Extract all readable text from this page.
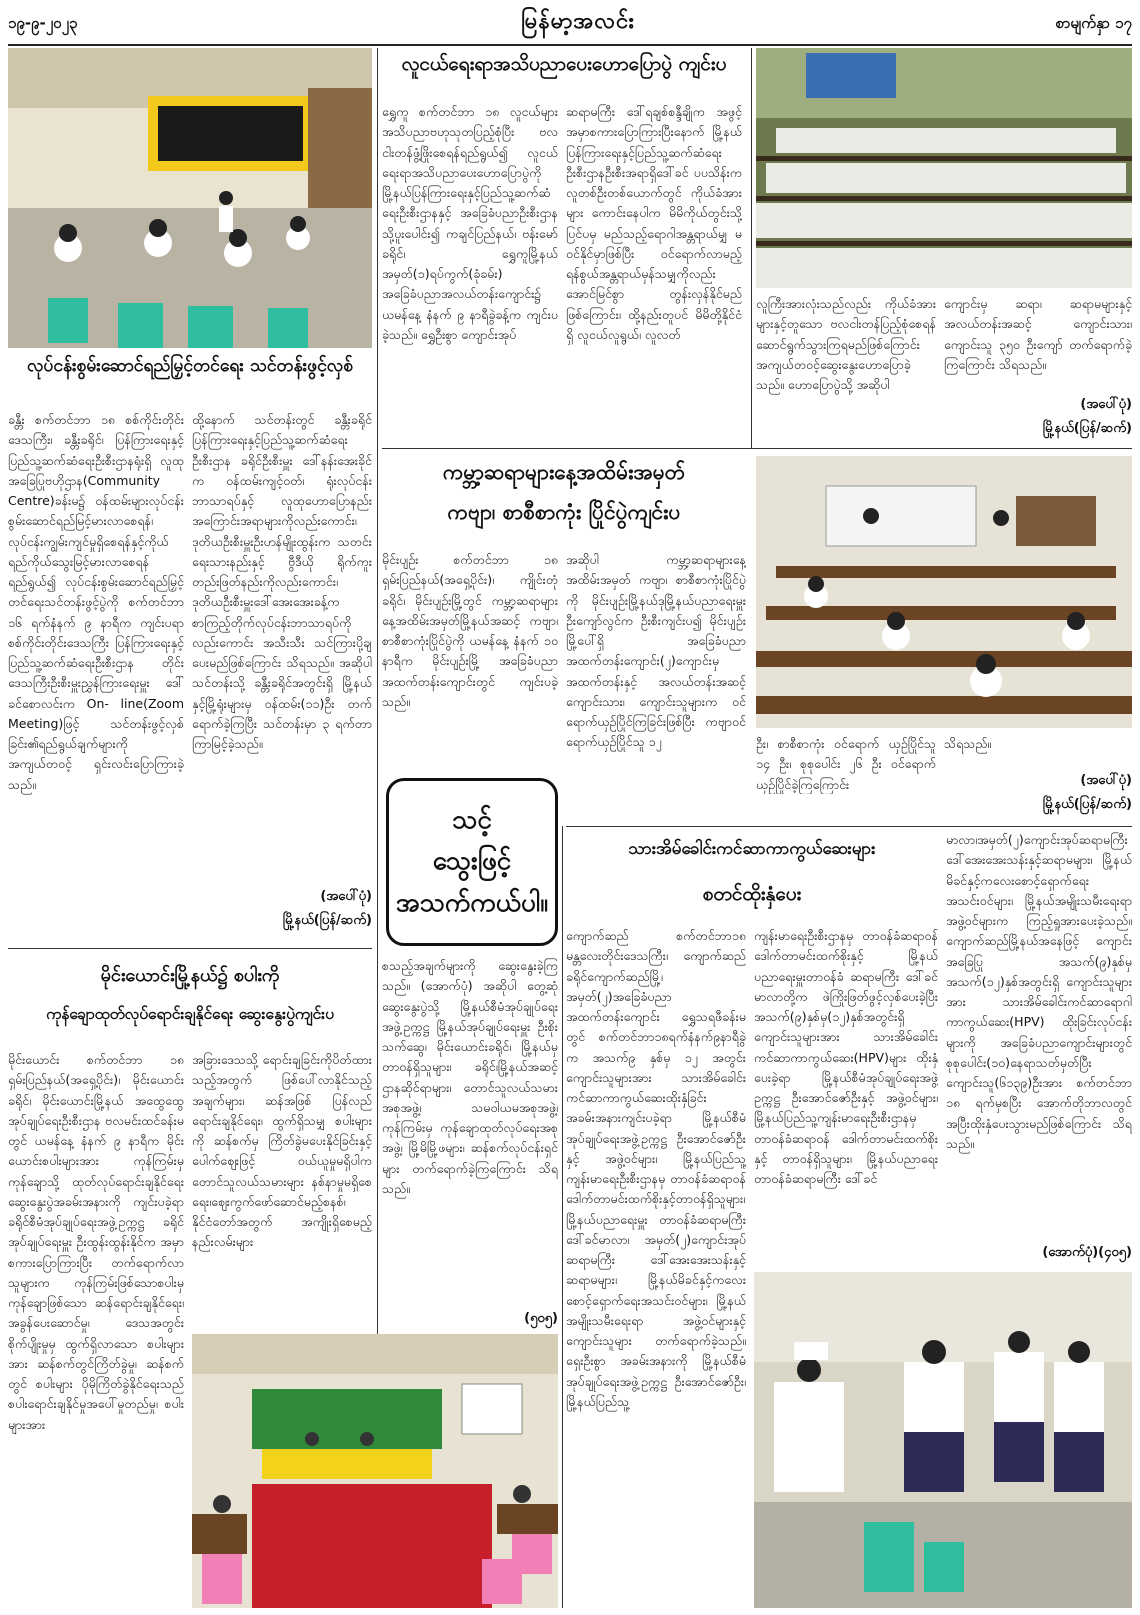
၁၉-၉-၂၀၂၃	မြန်မာ့အလင်း	စာမျက်နှာ ၁၇
လူငယ်ရေးရာအသိပညာပေးဟောပြောပွဲ ကျင်းပ

ရွှေကူ စက်တင်ဘာ ၁၈ လူငယ်များအသိပညာဗဟုသုတပြည့်စုံပြီး ဗလငါးတန်ဖွံ့ဖြိုးစေရန်ရည်ရွယ်၍ လူငယ်ရေးရာအသိပညာပေးဟောပြောပွဲကို မြို့နယ်ပြန်ကြားရေးနှင့်ပြည်သူ့ဆက်ဆံရေးဦးစီးဌာနနှင့် အခြေခံပညာဦးစီးဌာနသို့ပူးပေါင်း၍ ကချင်ပြည်နယ်၊ ဗန်းမော်ခရိုင်၊ ရွှေကူမြို့နယ်အမှတ်(၁)ရပ်ကွက်(ခုံခမ်း) အခြေခံပညာအလယ်တန်းကျောင်း၌ ယမန်နေ့ နံနက် ၉ နာရီခွဲခန့်က ကျင်းပခဲ့သည်။ ရွှေဦးစွာ ကျောင်းအုပ်

ဆရာမကြီး ဒေါ်ရချစ်စန္ဒီချိုက အဖွင့်အမှာစကားပြောကြားပြီးနောက် မြို့နယ်ပြန်ကြားရေးနှင့်ပြည်သူ့ဆက်ဆံရေးဦးစီးဌာနဦးစီးအရာရှိဒေါ်ခင် ပပသိန်းက လူတစ်ဦးတစ်ယောက်တွင် ကိုယ်ခံအားများ ကောင်းနေပါက မိမိကိုယ်တွင်းသို့ ပြင်ပမှ မည်သည့်ရောဂါအန္တရာယ်မျှ မဝင်နိုင်မှာဖြစ်ပြီး ဝင်ရောက်လာမည့် ရန်စွယ်အန္တရာယ်မှန်သမျှကိုလည်း အောင်မြင်စွာ တွန်းလှန်နိုင်မည်ဖြစ်ကြောင်း၊ ထို့နည်းတူပင် မိမိတို့နိုင်ငံရှိ လူငယ်လူရွယ်၊ လူလတ်

လူကြီးအားလုံးသည်လည်း ကိုယ်ခံအားများနှင့်တူသော ဗလငါးတန်ပြည့်စုံစေရန် ဆောင်ရွက်သွားကြရမည်ဖြစ်ကြောင်း အကျယ်တဝင့်ဆွေးနွေးဟောပြောခဲ့သည်။ ဟောပြောပွဲသို့ အဆိုပါ

ကျောင်းမှ ဆရာ၊ ဆရာမများနှင့်အလယ်တန်းအဆင့် ကျောင်းသား၊ ကျောင်းသူ ၃၅၀ ဦးကျော် တက်ရောက်ခဲ့ကြကြောင်း သိရသည်။

(အပေါ်ပုံ)
မြို့နယ်(ပြန်/ဆက်)
လုပ်ငန်းစွမ်းဆောင်ရည်မြှင့်တင်ရေး သင်တန်းဖွင့်လှစ်

ခန္တီး စက်တင်ဘာ ၁၈ စစ်ကိုင်းတိုင်းဒေသကြီး၊ ခန္တီးခရိုင်၊ ပြန်ကြားရေးနှင့်ပြည်သူ့ဆက်ဆံရေးဦးစီးဌာနရုံးရှိ လူထုအခြေပြုဗဟိုဌာန(Community Centre)ခန်းမ၌ ဝန်ထမ်းများလုပ်ငန်းစွမ်းဆောင်ရည်မြင့်မားလာစေရန်၊ လုပ်ငန်းကျွမ်းကျင်မှုရှိစေရန်နှင့်ကိုယ်ရည်ကိုယ်သွေးမြင့်မားလာစေရန်ရည်ရွယ်၍ လုပ်ငန်းစွမ်းဆောင်ရည်မြှင့်တင်ရေးသင်တန်းဖွင့်ပွဲကို စက်တင်ဘာ ၁၆ ရက်နံနက် ၉ နာရီက ကျင်းပရာ စစ်ကိုင်းတိုင်းဒေသကြီး ပြန်ကြားရေးနှင့်ပြည်သူ့ဆက်ဆံရေးဦးစီးဌာန တိုင်းဒေသကြီးဦးစီးမှူးညွှန်ကြားရေးမှူး ဒေါ်ခင်စောလင်းက On- line(Zoom Meeting)ဖြင့် သင်တန်းဖွင့်လှစ်ခြင်း၏ရည်ရွယ်ချက်များကို အကျယ်တဝင့် ရှင်းလင်းပြောကြားခဲ့သည်။

ထို့နောက် သင်တန်းတွင် ခန္တီးခရိုင်ပြန်ကြားရေးနှင့်ပြည်သူ့ဆက်ဆံရေးဦးစီးဌာန ခရိုင်ဦးစီးမှူး ဒေါ်နန်းအေးခိုင်က ဝန်ထမ်းကျင့်ဝတ်၊ ရုံးလုပ်ငန်း ဘာသာရပ်နှင့် လူထုဟောပြောနည်း အကြောင်းအရာများကိုလည်းကောင်း၊ဒုတိယဦးစီးမှူးဦးဟန်မျိုးထွန်းက သတင်းရေးသားနည်းနှင့် ဗွီဒီယို ရိုက်ကူးတည်းဖြတ်နည်းကိုလည်းကောင်း၊ ဒုတိယဦးစီးမှူးဒေါ်အေးအေးခန့်က စာကြည့်တိုက်လုပ်ငန်းဘာသာရပ်ကိုလည်းကောင်း အသီးသီး သင်ကြားပို့ချပေးမည်ဖြစ်ကြောင်း သိရသည်။ အဆိုပါသင်တန်းသို့ ခန္တီးခရိုင်အတွင်းရှိ မြို့နယ်နှင့်မြို့ရုံးများမှ ဝန်ထမ်း(၁၁)ဦး တက်ရောက်ခဲ့ကြပြီး သင်တန်းမှာ ၃ ရက်တာ ကြာမြင့်ခဲ့သည်။

(အပေါ်ပုံ)
မြို့နယ်(ပြန်/ဆက်)
ကမ္ဘာ့ဆရာများနေ့အထိမ်းအမှတ်
ကဗျာ၊ စာစီစာကုံး ပြိုင်ပွဲကျင်းပ

မိုင်းပျဉ်း စက်တင်ဘာ ၁၈ ရှမ်းပြည်နယ်(အရှေ့ပိုင်း)၊ ကျိုင်းတုံခရိုင်၊ မိုင်းပျဉ်းမြို့တွင် ကမ္ဘာ့ဆရာများနေ့အထိမ်းအမှတ်မြို့နယ်အဆင့် ကဗျာ၊ စာစီစာကုံးပြိုင်ပွဲကို ယမန်နေ့ နံနက် ၁၀ နာရီက မိုင်းပျဉ်းမြို့ အခြေခံပညာအထက်တန်းကျောင်းတွင် ကျင်းပခဲ့သည်။

အဆိုပါ ကမ္ဘာ့ဆရာများနေ့အထိမ်းအမှတ် ကဗျာ၊ စာစီစာကုံးပြိုင်ပွဲကို မိုင်းပျဉ်းမြို့နယ်ဒုမြို့နယ်ပညာရေးမှူး ဦးကျော်လွင်က ဦးစီးကျင်းပ၍ မိုင်းပျဉ်းမြို့ပေါ်ရှိ အခြေခံပညာအထက်တန်းကျောင်း(၂)ကျောင်းမှ အထက်တန်းနှင့် အလယ်တန်းအဆင့် ကျောင်းသား၊ ကျောင်းသူများက ဝင်ရောက်ယှဉ်ပြိုင်ကြခြင်းဖြစ်ပြီး ကဗျာဝင်ရောက်ယှဉ်ပြိုင်သူ ၁၂	ဦး၊ စာစီစာကုံး ဝင်ရောက် ယှဉ်ပြိုင်သူ ၁၄ ဦး၊ စုစုပေါင်း ၂၆ ဦး ဝင်ရောက်ယှဉ်ပြိုင်ခဲ့ကြကြောင်း

သိရသည်။

(အပေါ်ပုံ)
မြို့နယ်(ပြန်/ဆက်)
သင့်
သွေးဖြင့်
အသက်ကယ်ပါ။
မိုင်းယောင်းမြို့နယ်၌ စပါးကို
ကုန်ချောထုတ်လုပ်ရောင်းချနိုင်ရေး ဆွေးနွေးပွဲကျင်းပ

မိုင်းယောင်း စက်တင်ဘာ ၁၈ ရှမ်းပြည်နယ်(အရှေ့ပိုင်း)၊ မိုင်းယောင်းခရိုင်၊ မိုင်းယောင်းမြို့နယ် အထွေထွေအုပ်ချုပ်ရေးဦးစီးဌာန ဗလမင်းထင်ခန်းမတွင် ယမန်နေ့ နံနက် ၉ နာရီက မိုင်းယောင်းစပါးများအား ကုန်ကြမ်းမှ ကုန်ချောသို့ ထုတ်လုပ်ရောင်းချနိုင်ရေး ဆွေးနွေးပွဲအခမ်းအနားကို ကျင်းပခဲ့ရာ ခရိုင်စီမံအုပ်ချုပ်ရေးအဖွဲ့ဥက္ကဋ္ဌ ခရိုင်အုပ်ချုပ်ရေးမှူး ဦးထွန်းထွန်းနိုင်က အမှာစကားပြောကြားပြီး တက်ရောက်လာသူများက ကုန်ကြမ်းဖြစ်သောစပါးမှ ကုန်ချောဖြစ်သော ဆန်ရောင်းချနိုင်ရေး၊ အခွန်ပေးဆောင်မှု၊ ဒေသအတွင်း စိုက်ပျိုးမှုမှ ထွက်ရှိလာသော စပါးများအား ဆန်စက်တွင်ကြိတ်ခွဲမှု၊ ဆန်စက်တွင် စပါးများ ပိုမိုကြိတ်ခွဲနိုင်ရေးသည် စပါးရောင်းချနိုင်မှုအပေါ်မှုတည်မှု၊ စပါးများအား

အခြားဒေသသို့ ရောင်းချခြင်းကိုပိတ်ထားသည့်အတွက် ဖြစ်ပေါ်လာနိုင်သည့်အချက်များ၊ ဆန်အဖြစ် ပြန်လည်ရောင်းချနိုင်ရေး၊ ထွက်ရှိသမျှ စပါးများကို ဆန်စက်မှ ကြိတ်ခွဲမပေးနိုင်ခြင်းနှင့် ပေါက်ဈေးဖြင့် ဝယ်ယူမှုမရှိပါက တောင်သူလယ်သမားများ နစ်နာမှုမရှိစေရေး၊ဈေးကွက်ဖော်ဆောင်မည့်စနစ်၊ နိုင်ငံတော်အတွက် အကျိုးရှိစေမည့် နည်းလမ်းများ

စသည့်အချက်များကို ဆွေးနွေးခဲ့ကြသည်။ (အောက်ပုံ) အဆိုပါ တွေ့ဆုံဆွေးနွေးပွဲသို့ မြို့နယ်စီမံအုပ်ချုပ်ရေးအဖွဲ့ဥက္ကဋ္ဌ မြို့နယ်အုပ်ချုပ်ရေးမှူး ဦးစိုးသက်ဆွေ၊ မိုင်းယောင်းခရိုင်၊ မြို့နယ်မှ တာဝန်ရှိသူများ၊ ခရိုင်၊မြို့နယ်အဆင့် ဌာနဆိုင်ရာများ၊ တောင်သူလယ်သမားအစုအဖွဲ့၊ သမဝါယမအစုအဖွဲ့၊ ကုန်ကြမ်းမှ ကုန်ချောထုတ်လုပ်ရေးအစုအဖွဲ့၊ မြို့မိမြို့ဖများ၊ ဆန်စက်လုပ်ငန်းရှင်များ တက်ရောက်ခဲ့ကြကြောင်း သိရသည်။

(၅၀၅)
သားအိမ်ခေါင်းကင်ဆာကာကွယ်ဆေးများ
စတင်ထိုးနှံပေး

ကျောက်ဆည် စက်တင်ဘာ၁၈ မန္တလေးတိုင်းဒေသကြီး၊ ကျောက်ဆည်ခရိုင်ကျောက်ဆည်မြို့၊ အမှတ်(၂)အခြေခံပညာအထက်တန်းကျောင်း ရွှေသရဖီခန်းမတွင် စက်တင်ဘာ၁၈ရက်နံနက်၉နာရီခွဲက အသက်၉ နှစ်မှ ၁၂ အတွင်း ကျောင်းသူများအား သားအိမ်ခေါင်းကင်ဆာကာကွယ်ဆေးထိုးနှံခြင်းအခမ်းအနားကျင်းပခဲ့ရာ မြို့နယ်စီမံအုပ်ချုပ်ရေးအဖွဲ့ဥက္ကဋ္ဌ ဦးအောင်ဇော်ဦးနှင့် အဖွဲ့ဝင်များ၊ မြို့နယ်ပြည်သူ့ကျန်းမာရေးဦးစီးဌာနမှ တာဝန်ခံဆရာဝန် ဒေါက်တာမင်းထက်စိုးနှင့်တာဝန်ရှိသူများ၊ မြို့နယ်ပညာရေးမှူး တာဝန်ခံဆရာမကြီး ဒေါ်ခင်မာလာ၊ အမှတ်(၂)ကျောင်းအုပ်ဆရာမကြီး ဒေါ်အေးအေးသန်းနှင့်ဆရာမများ၊ မြို့နယ်မိခင်နှင့်ကလေးစောင့်ရှောက်ရေးအသင်းဝင်များ၊ မြို့နယ်အမျိုးသမီးရေးရာ အဖွဲ့ဝင်များနှင့် ကျောင်းသူများ တက်ရောက်ခဲ့သည်။ ရှေးဦးစွာ အခမ်းအနားကို မြို့နယ်စီမံအုပ်ချုပ်ရေးအဖွဲ့ဥက္ကဋ္ဌ ဦးအောင်ဇော်ဦး၊ မြို့နယ်ပြည်သူ့

ကျန်းမာရေးဦးစီးဌာနမှ တာဝန်ခံဆရာဝန် ဒေါက်တာမင်းထက်စိုးနှင့် မြို့နယ်ပညာရေးမှူးတာဝန်ခံ ဆရာမကြီး ဒေါ်ခင်မာလာတို့က ဖဲကြိုးဖြတ်ဖွင့်လှစ်ပေးခဲ့ပြီး အသက်(၉)နှစ်မှ(၁၂)နှစ်အတွင်းရှိ ကျောင်းသူများအား သားအိမ်ခေါင်းကင်ဆာကာကွယ်ဆေး(HPV)များ ထိုးနှံပေးခဲ့ရာ မြို့နယ်စီမံအုပ်ချုပ်ရေးအဖွဲ့ဥက္ကဋ္ဌ ဦးအောင်ဇော်ဦးနှင့် အဖွဲ့ဝင်များ၊ မြို့နယ်ပြည်သူ့ကျန်းမာရေးဦးစီးဌာနမှ တာဝန်ခံဆရာဝန် ဒေါက်တာမင်းထက်စိုးနှင့် တာဝန်ရှိသူများ၊ မြို့နယ်ပညာရေး တာဝန်ခံဆရာမကြီး ဒေါ်ခင်

မာလာ၊အမှတ်(၂)ကျောင်းအုပ်ဆရာမကြီး ဒေါ်အေးအေးသန်းနှင့်ဆရာမများ၊ မြို့နယ် မိခင်နှင့်ကလေးစောင့်ရှောက်ရေးအသင်းဝင်များ၊ မြို့နယ်အမျိုးသမီးရေးရာ အဖွဲ့ဝင်များက ကြည့်ရှုအားပေးခဲ့သည်။ ကျောက်ဆည်မြို့နယ်အနေဖြင့် ကျောင်းအခြေပြု အသက်(၉)နှစ်မှ အသက်(၁၂)နှစ်အတွင်းရှိ ကျောင်းသူများအား သားအိမ်ခေါင်းကင်ဆာရောဂါကာကွယ်ဆေး(HPV) ထိုးခြင်းလုပ်ငန်းများကို အခြေခံပညာကျောင်းများတွင် စုစုပေါင်း(၁၀)နေရာသတ်မှတ်ပြီး ကျောင်းသူ(၆၁၃၉)ဦးအား စက်တင်ဘာ ၁၈ ရက်မှစပြီး အောက်တိုဘာလတွင် အပြီးထိုးနှံပေးသွားမည်ဖြစ်ကြောင်း သိရသည်။

(အောက်ပုံ)(၄၀၅)
